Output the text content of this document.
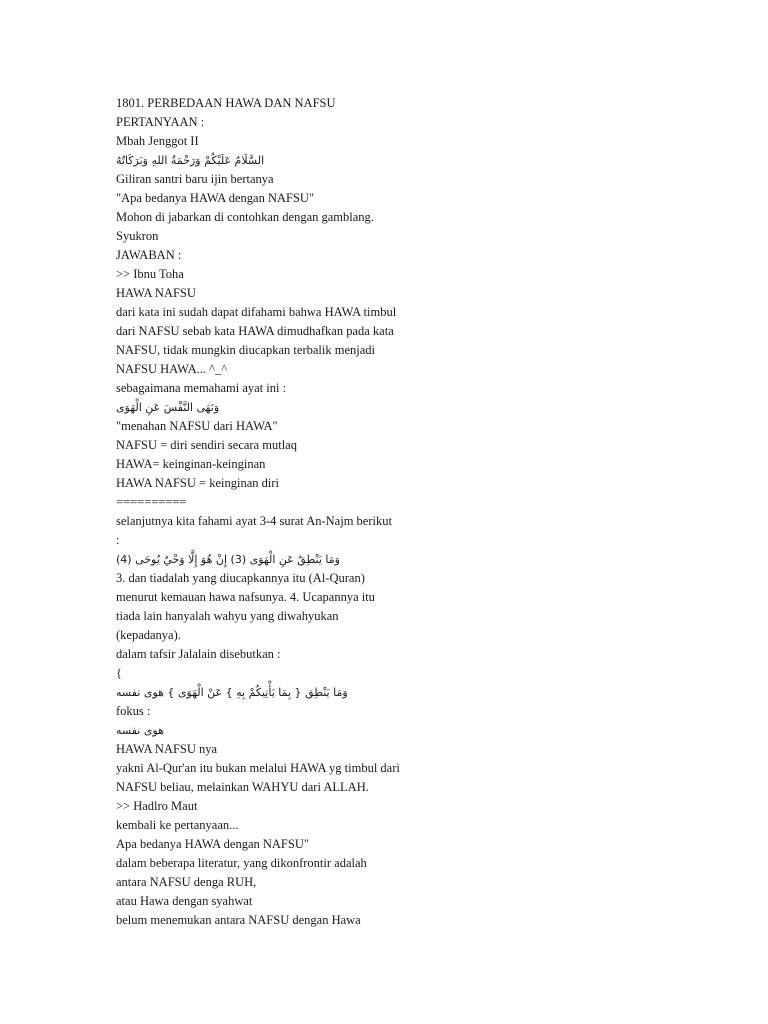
1801. PERBEDAAN HAWA DAN NAFSU
PERTANYAAN :
Mbah Jenggot II
السَّلَامُ عَلَيْكُمْ وَرَحْمَةُ اللهِ وَبَرَكَاتُهُ
Giliran santri baru ijin bertanya
"Apa bedanya HAWA dengan NAFSU"
Mohon di jabarkan di contohkan dengan gamblang.
Syukron
JAWABAN :
>> Ibnu Toha
HAWA NAFSU
dari kata ini sudah dapat difahami bahwa HAWA timbul
dari NAFSU sebab kata HAWA dimudhafkan pada kata
NAFSU, tidak mungkin diucapkan terbalik menjadi
NAFSU HAWA... ^_^
sebagaimana memahami ayat ini :
وَنَهَى النَّفْسَ عَنِ الْهَوَى
"menahan NAFSU dari HAWA"
NAFSU = diri sendiri secara mutlaq
HAWA= keinginan-keinginan
HAWA NAFSU = keinginan diri
==========
selanjutnya kita fahami ayat 3-4 surat An-Najm berikut
:
وَمَا يَنْطِقُ عَنِ الْهَوَى (3) إِنْ هُوَ إِلَّا وَحْيٌ يُوحَى (4)
3. dan tiadalah yang diucapkannya itu (Al-Quran)
menurut kemauan hawa nafsunya. 4. Ucapannya itu
tiada lain hanyalah wahyu yang diwahyukan
(kepadanya).
dalam tafsir Jalalain disebutkan :
{
وَمَا يَنْطِق { بِمَا يَأْتِيكُمْ بِهِ } عَنْ الْهَوَى } هوى نفسه
fokus :
هوى نفسه
HAWA NAFSU nya
yakni Al-Qur'an itu bukan melalui HAWA yg timbul dari
NAFSU beliau, melainkan WAHYU dari ALLAH.
>> Hadlro Maut
kembali ke pertanyaan...
Apa bedanya HAWA dengan NAFSU"
dalam beberapa literatur, yang dikonfrontir adalah
antara NAFSU denga RUH,
atau Hawa dengan syahwat
belum menemukan antara NAFSU dengan Hawa
